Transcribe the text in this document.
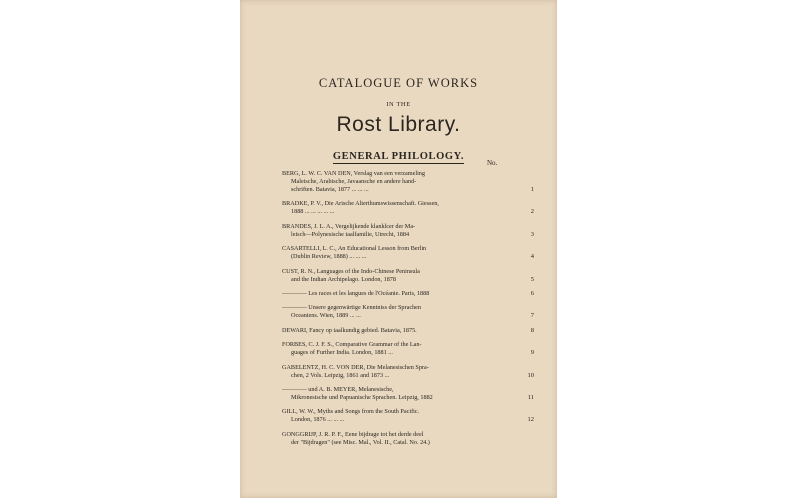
CATALOGUE OF WORKS
IN THE
Rost Library.
GENERAL PHILOLOGY.
No.
BERG, L. W. C. VAN DEN, Verslag van een verzameling
Maleische, Arabische, Javaansche en andere hand-
schriften. Batavia, 1877 ... ... ...	1
BRADKE, P. V., Die Arische Alterthumswissenschaft. Giessen,
1888 ... ... ... ... ...	2
BRANDES, J. L. A., Vergelijkende klanklcer der Ma-
leisch—Polynesische taalfamilie, Utrecht, 1884	3
CASARTELLI, L. C., An Educational Lesson from Berlin
(Dublin Review, 1888) ... ... ...	4
CUST, R. N., Languages of the Indo-Chinese Peninsula
and the Indian Archipelago. London, 1878	5
———— Les races et les langues de l'Océanie. Paris, 1888	6
———— Unsere gegenwärtige Kenntniss der Sprachen
Oceaniens. Wien, 1889 ... ...	7
DEWARI, Fancy op taalkundig gebied. Batavia, 1875.	8
FORBES, C. J. F. S., Comparative Grammar of the Lan-
guages of Further India. London, 1881 ...	9
GABELENTZ, H. C. VON DER, Die Melanesischen Spra-
chen, 2 Vols. Leipzig, 1861 and 1873 ...	10
———— und A. B. MEYER, Melanesische,
Mikronesische und Papuanische Sprachen. Leipzig, 1882	11
GILL, W. W., Myths and Songs from the South Pacific.
London, 1876 ... ... ...	12
GONGGRIJP, J. R. P. F., Eene bijdrage tot het derde deel
der "Bijdragen" (see Misc. Mal., Vol. II., Catal. No. 24.)
